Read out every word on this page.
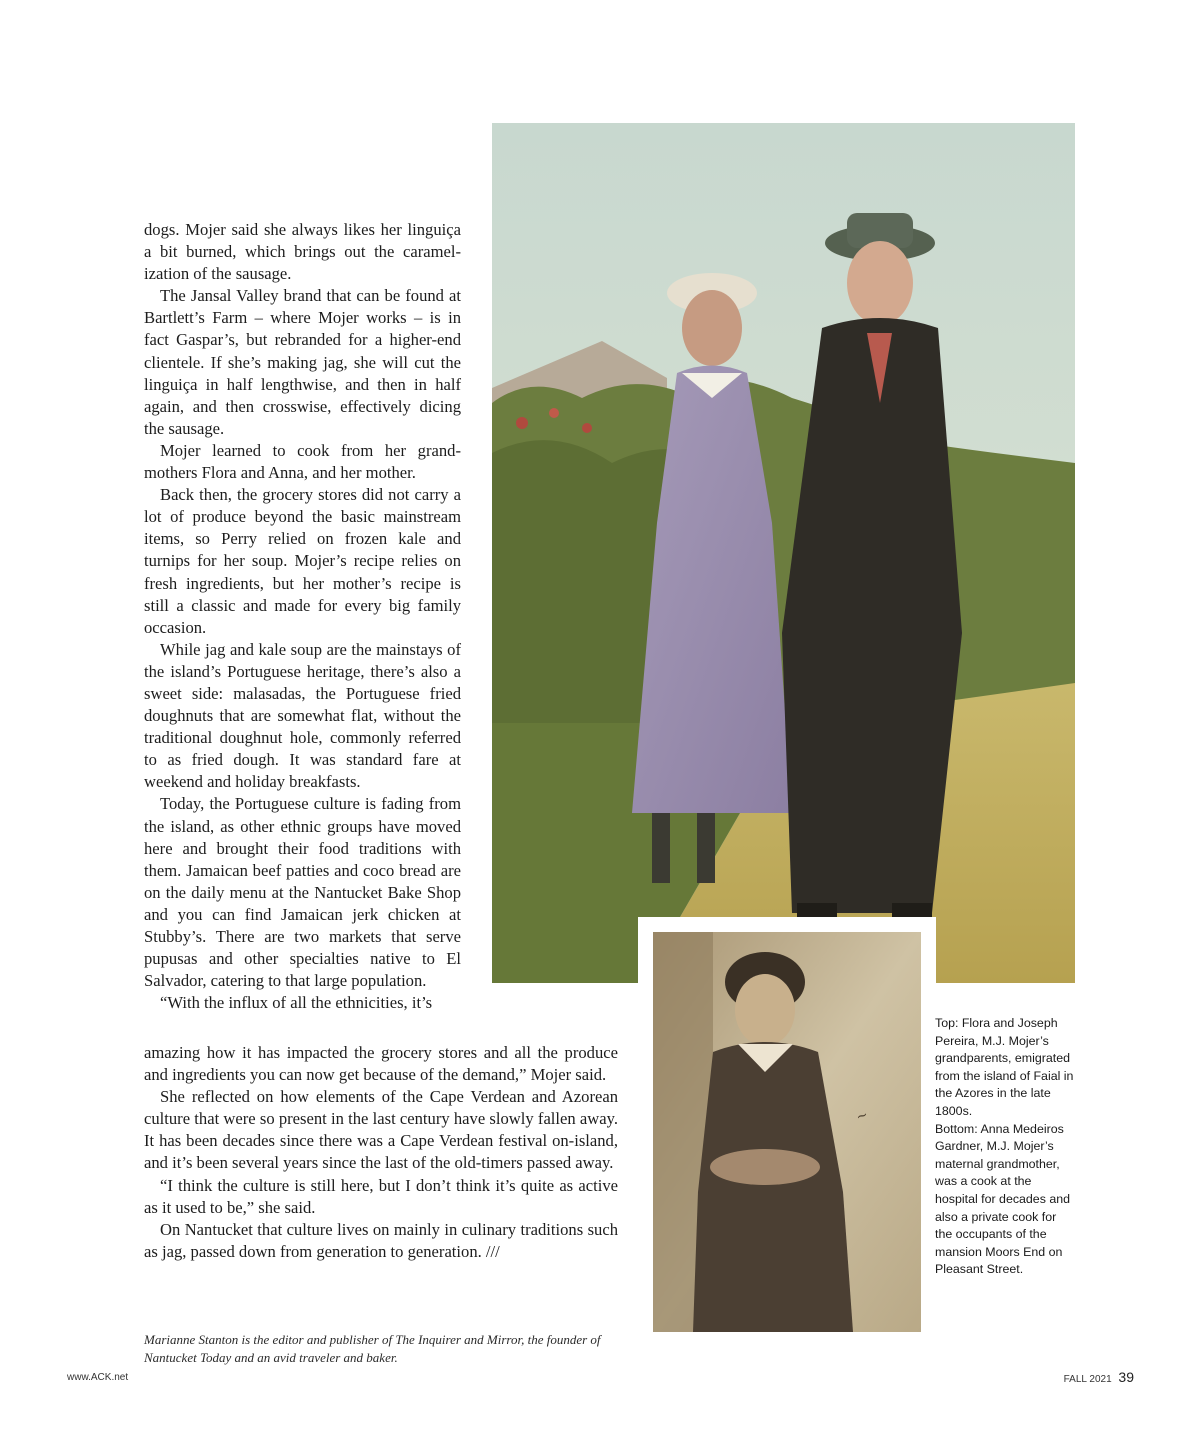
dogs. Mojer said she always likes her linguiça a bit burned, which brings out the caramelization of the sausage.

The Jansal Valley brand that can be found at Bartlett’s Farm – where Mojer works – is in fact Gaspar’s, but rebranded for a higher-end clientele. If she’s making jag, she will cut the linguiça in half lengthwise, and then in half again, and then crosswise, effectively dicing the sausage.

Mojer learned to cook from her grandmothers Flora and Anna, and her mother.

Back then, the grocery stores did not carry a lot of produce beyond the basic mainstream items, so Perry relied on frozen kale and turnips for her soup. Mojer’s recipe relies on fresh ingredients, but her mother’s recipe is still a classic and made for every big family occasion.

While jag and kale soup are the mainstays of the island’s Portuguese heritage, there’s also a sweet side: malasadas, the Portuguese fried doughnuts that are somewhat flat, without the traditional doughnut hole, commonly referred to as fried dough. It was standard fare at weekend and holiday breakfasts.

Today, the Portuguese culture is fading from the island, as other ethnic groups have moved here and brought their food traditions with them. Jamaican beef patties and coco bread are on the daily menu at the Nantucket Bake Shop and you can find Jamaican jerk chicken at Stubby’s. There are two markets that serve pupusas and other specialties native to El Salvador, catering to that large population.

“With the influx of all the ethnicities, it’s

amazing how it has impacted the grocery stores and all the produce and ingredients you can now get because of the demand,” Mojer said.

She reflected on how elements of the Cape Verdean and Azorean culture that were so present in the last century have slowly fallen away. It has been decades since there was a Cape Verdean festival on-island, and it’s been several years since the last of the old-timers passed away.

“I think the culture is still here, but I don’t think it’s quite as active as it used to be,” she said.

On Nantucket that culture lives on mainly in culinary traditions such as jag, passed down from generation to generation. ///

Marianne Stanton is the editor and publisher of The Inquirer and Mirror, the founder of Nantucket Today and an avid traveler and baker.

~
Top: Flora and Joseph Pereira, M.J. Mojer’s grandparents, emigrated from the island of Faial in the Azores in the late 1800s.
Bottom: Anna Medeiros Gardner, M.J. Mojer’s maternal grandmother, was a cook at the hospital for decades and also a private cook for the occupants of the mansion Moors End on Pleasant Street.
www.ACK.net	FALL 2021 39
